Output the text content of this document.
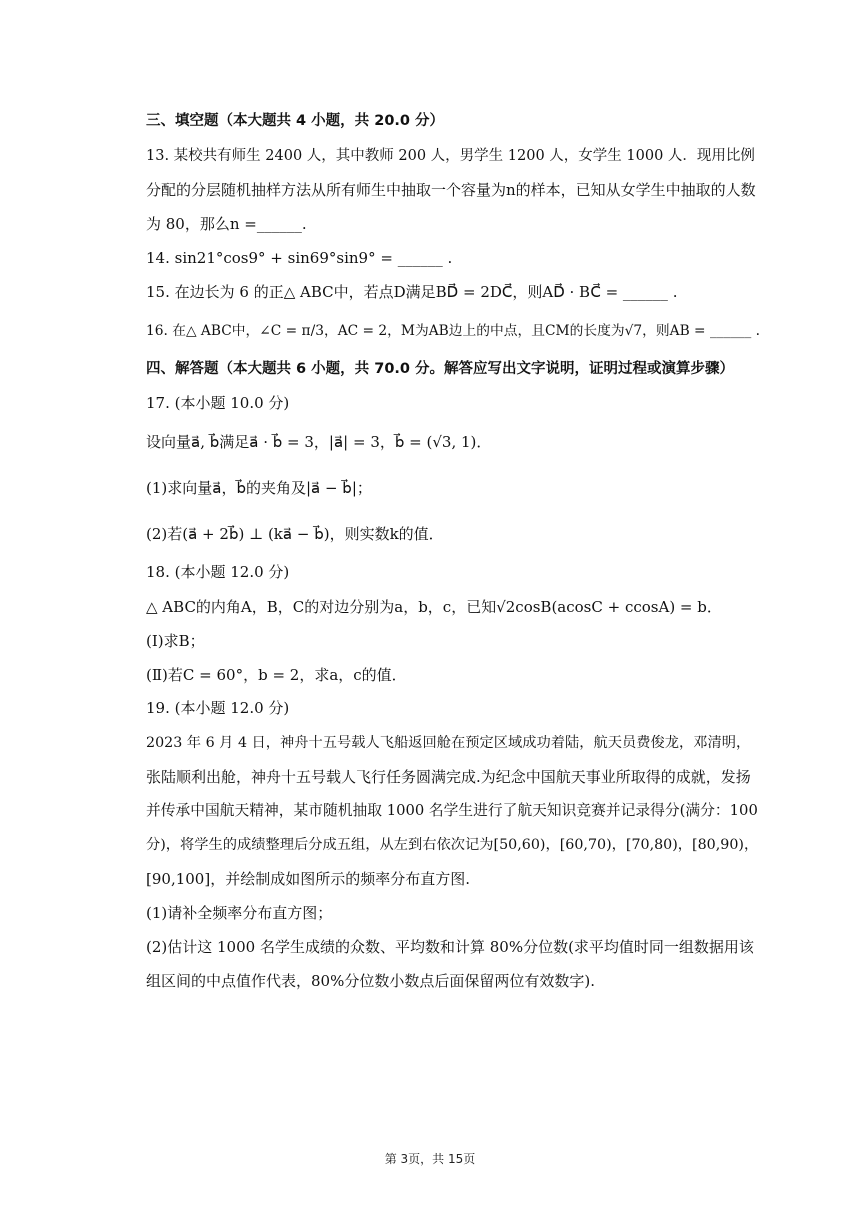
三、填空题（本大题共 4 小题，共 20.0 分）
13. 某校共有师生 2400 人，其中教师 200 人，男学生 1200 人，女学生 1000 人．现用比例
分配的分层随机抽样方法从所有师生中抽取一个容量为n的样本，已知从女学生中抽取的人数
为 80，那么n =______.
14. sin21°cos9° + sin69°sin9° = ______ .
15. 在边长为 6 的正△ ABC中，若点D满足BD⃗ = 2DC⃗，则AD⃗ · BC⃗ = ______ .
16. 在△ ABC中，∠C = π/3，AC = 2，M为AB边上的中点，且CM的长度为√7，则AB = ______ .
四、解答题（本大题共 6 小题，共 70.0 分。解答应写出文字说明，证明过程或演算步骤）
17. (本小题 10.0 分)
设向量a⃗, b⃗满足a⃗ · b⃗ = 3，|a⃗| = 3，b⃗ = (√3, 1)．
(1)求向量a⃗，b⃗的夹角及|a⃗ − b⃗|；
(2)若(a⃗ + 2b⃗) ⊥ (ka⃗ − b⃗)，则实数k的值．
18. (本小题 12.0 分)
△ ABC的内角A，B，C的对边分别为a，b，c，已知√2cosB(acosC + ccosA) = b．
(Ⅰ)求B；
(Ⅱ)若C = 60°，b = 2，求a，c的值．
19. (本小题 12.0 分)
2023 年 6 月 4 日，神舟十五号载人飞船返回舱在预定区域成功着陆，航天员费俊龙，邓清明，
张陆顺利出舱，神舟十五号载人飞行任务圆满完成.为纪念中国航天事业所取得的成就，发扬
并传承中国航天精神，某市随机抽取 1000 名学生进行了航天知识竞赛并记录得分(满分：100
分)，将学生的成绩整理后分成五组，从左到右依次记为[50,60)，[60,70)，[70,80)，[80,90)，
[90,100]，并绘制成如图所示的频率分布直方图.
(1)请补全频率分布直方图；
(2)估计这 1000 名学生成绩的众数、平均数和计算 80%分位数(求平均值时同一组数据用该
组区间的中点值作代表，80%分位数小数点后面保留两位有效数字).
第 3页，共 15页
